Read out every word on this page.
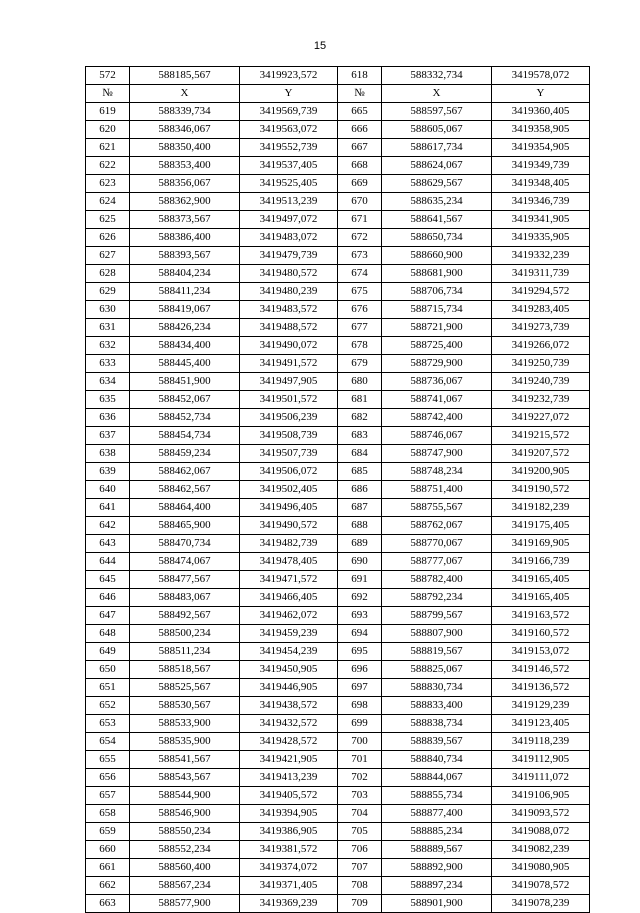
15
572	588185,567	3419923,572	618	588332,734	3419578,072
№	X	Y	№	X	Y
619	588339,734	3419569,739	665	588597,567	3419360,405
620	588346,067	3419563,072	666	588605,067	3419358,905
621	588350,400	3419552,739	667	588617,734	3419354,905
622	588353,400	3419537,405	668	588624,067	3419349,739
623	588356,067	3419525,405	669	588629,567	3419348,405
624	588362,900	3419513,239	670	588635,234	3419346,739
625	588373,567	3419497,072	671	588641,567	3419341,905
626	588386,400	3419483,072	672	588650,734	3419335,905
627	588393,567	3419479,739	673	588660,900	3419332,239
628	588404,234	3419480,572	674	588681,900	3419311,739
629	588411,234	3419480,239	675	588706,734	3419294,572
630	588419,067	3419483,572	676	588715,734	3419283,405
631	588426,234	3419488,572	677	588721,900	3419273,739
632	588434,400	3419490,072	678	588725,400	3419266,072
633	588445,400	3419491,572	679	588729,900	3419250,739
634	588451,900	3419497,905	680	588736,067	3419240,739
635	588452,067	3419501,572	681	588741,067	3419232,739
636	588452,734	3419506,239	682	588742,400	3419227,072
637	588454,734	3419508,739	683	588746,067	3419215,572
638	588459,234	3419507,739	684	588747,900	3419207,572
639	588462,067	3419506,072	685	588748,234	3419200,905
640	588462,567	3419502,405	686	588751,400	3419190,572
641	588464,400	3419496,405	687	588755,567	3419182,239
642	588465,900	3419490,572	688	588762,067	3419175,405
643	588470,734	3419482,739	689	588770,067	3419169,905
644	588474,067	3419478,405	690	588777,067	3419166,739
645	588477,567	3419471,572	691	588782,400	3419165,405
646	588483,067	3419466,405	692	588792,234	3419165,405
647	588492,567	3419462,072	693	588799,567	3419163,572
648	588500,234	3419459,239	694	588807,900	3419160,572
649	588511,234	3419454,239	695	588819,567	3419153,072
650	588518,567	3419450,905	696	588825,067	3419146,572
651	588525,567	3419446,905	697	588830,734	3419136,572
652	588530,567	3419438,572	698	588833,400	3419129,239
653	588533,900	3419432,572	699	588838,734	3419123,405
654	588535,900	3419428,572	700	588839,567	3419118,239
655	588541,567	3419421,905	701	588840,734	3419112,905
656	588543,567	3419413,239	702	588844,067	3419111,072
657	588544,900	3419405,572	703	588855,734	3419106,905
658	588546,900	3419394,905	704	588877,400	3419093,572
659	588550,234	3419386,905	705	588885,234	3419088,072
660	588552,234	3419381,572	706	588889,567	3419082,239
661	588560,400	3419374,072	707	588892,900	3419080,905
662	588567,234	3419371,405	708	588897,234	3419078,572
663	588577,900	3419369,239	709	588901,900	3419078,239
